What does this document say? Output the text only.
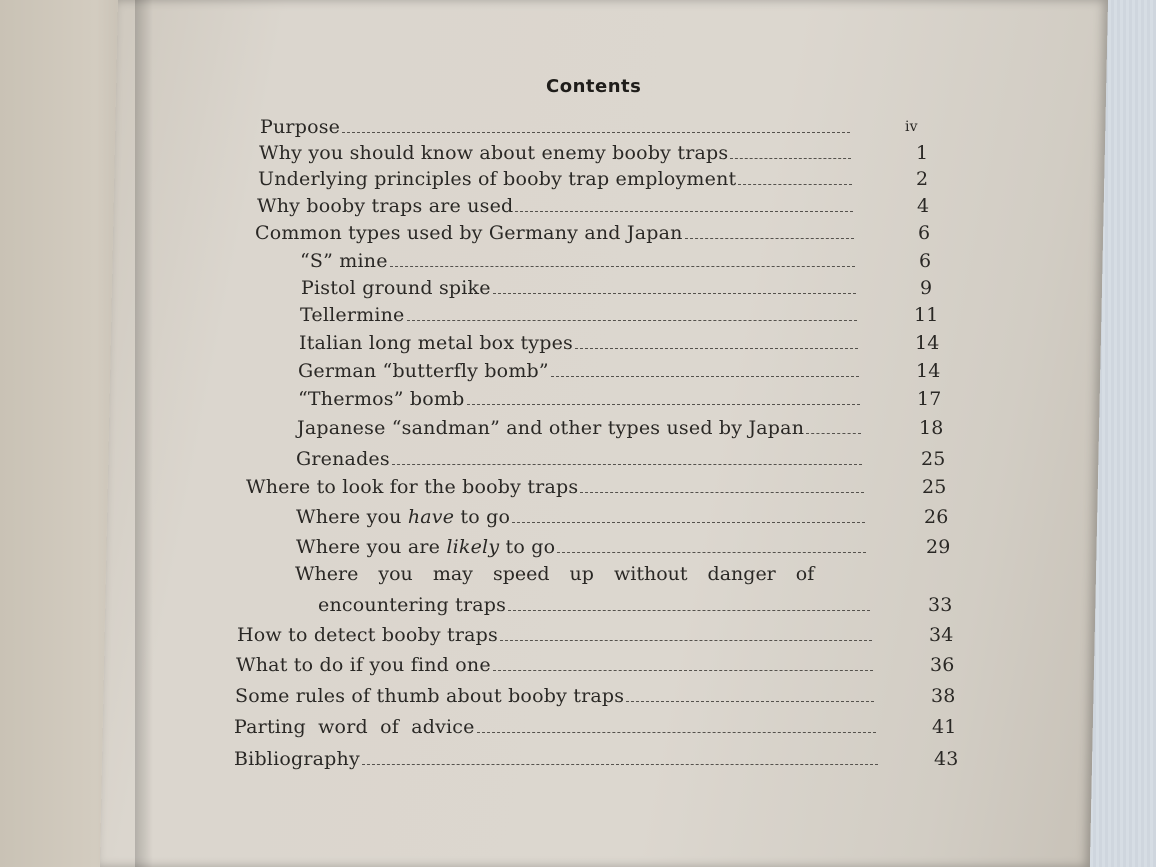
Contents
Purpose	iv
Why you should know about enemy booby traps	1
Underlying principles of booby trap employment	2
Why booby traps are used	4
Common types used by Germany and Japan	6
“S” mine	6
Pistol ground spike	9
Tellermine	11
Italian long metal box types	14
German “butterfly bomb”	14
“Thermos” bomb	17
Japanese “sandman” and other types used by Japan	18
Grenades	25
Where to look for the booby traps	25
Where you have to go	26
Where you are likely to go	29
Where you may speed up without danger of
encountering traps	33
How to detect booby traps	34
What to do if you find one	36
Some rules of thumb about booby traps	38
Parting word of advice	41
Bibliography	43
